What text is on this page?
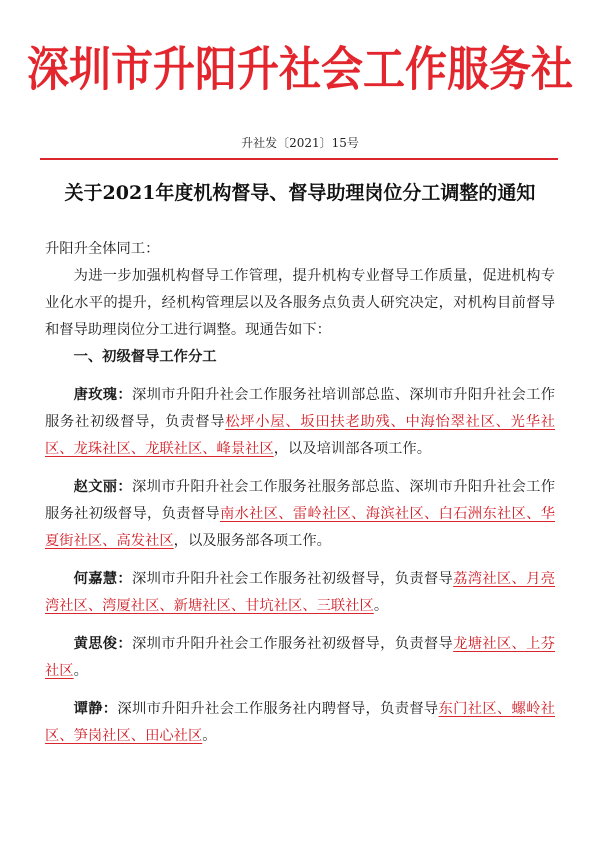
深圳市升阳升社会工作服务社
升社发〔2021〕15号
关于2021年度机构督导、督导助理岗位分工调整的通知

升阳升全体同工：

为进一步加强机构督导工作管理，提升机构专业督导工作质量，促进机构专业化水平的提升，经机构管理层以及各服务点负责人研究决定，对机构目前督导和督导助理岗位分工进行调整。现通告如下：

一、初级督导工作分工

唐玫瑰：深圳市升阳升社会工作服务社培训部总监、深圳市升阳升社会工作服务社初级督导，负责督导松坪小屋、坂田扶老助残、中海怡翠社区、光华社区、龙珠社区、龙联社区、峰景社区，以及培训部各项工作。

赵文丽：深圳市升阳升社会工作服务社服务部总监、深圳市升阳升社会工作服务社初级督导，负责督导南水社区、雷岭社区、海滨社区、白石洲东社区、华夏街社区、高发社区，以及服务部各项工作。

何嘉慧：深圳市升阳升社会工作服务社初级督导，负责督导荔湾社区、月亮湾社区、湾厦社区、新塘社区、甘坑社区、三联社区。

黄思俊：深圳市升阳升社会工作服务社初级督导，负责督导龙塘社区、上芬社区。

谭静：深圳市升阳升社会工作服务社内聘督导，负责督导东门社区、螺岭社区、笋岗社区、田心社区。
